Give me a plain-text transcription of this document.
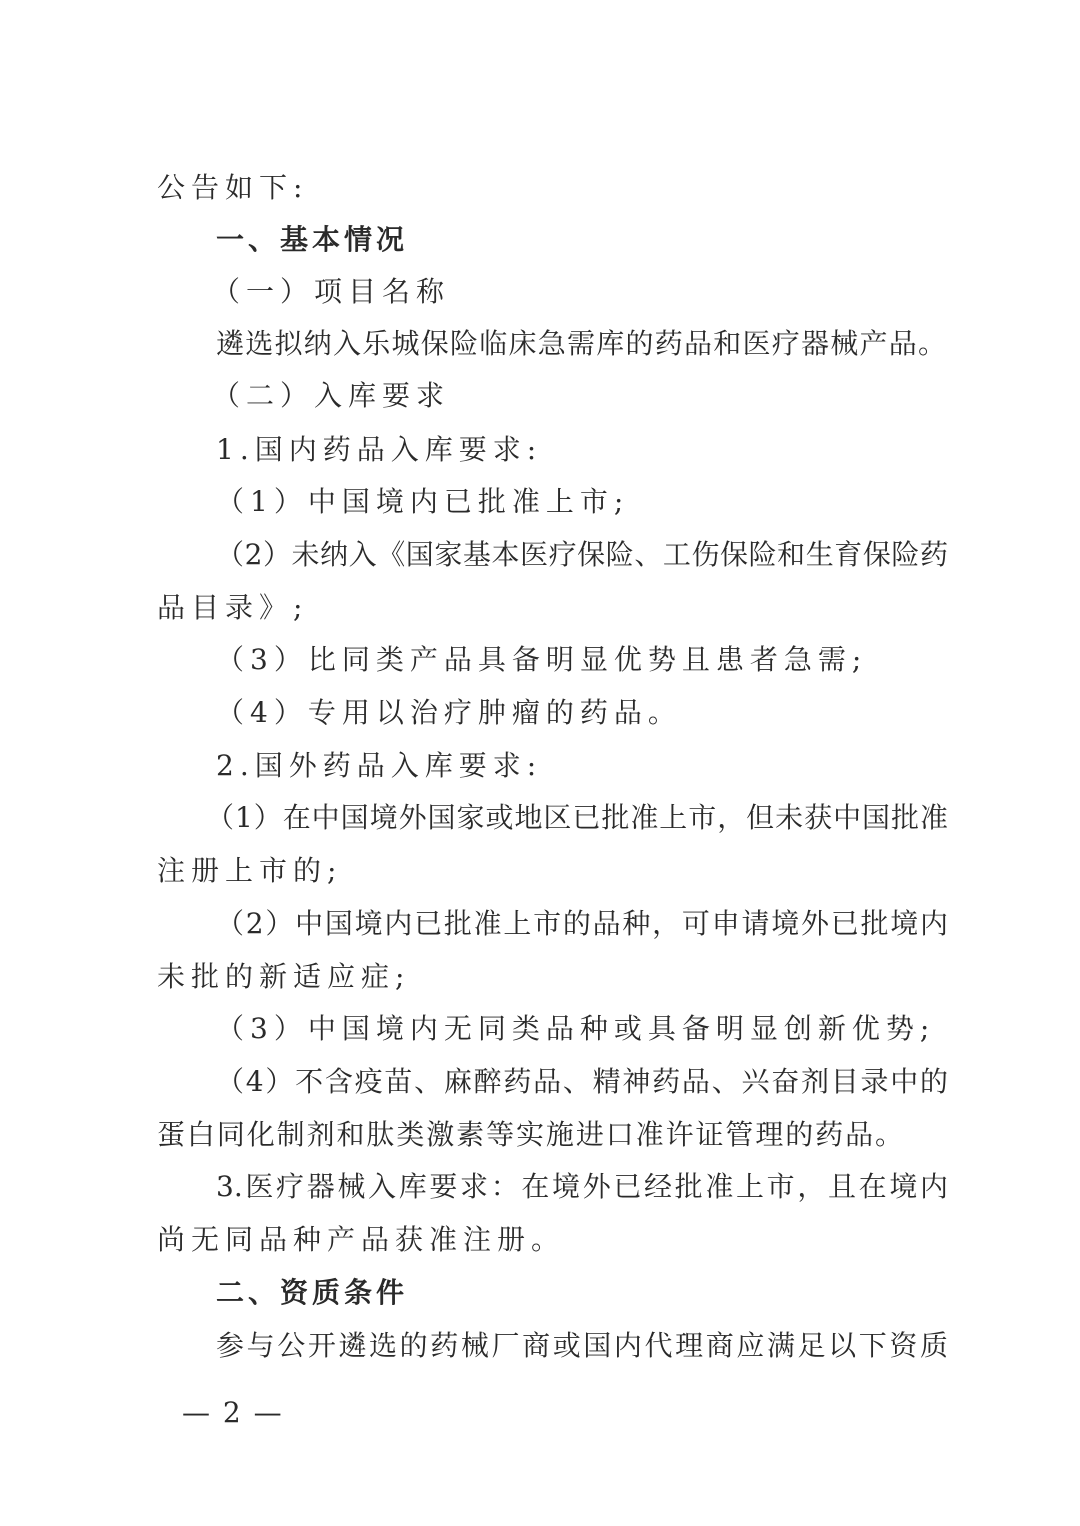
公告如下:
一、基本情况
（一）项目名称
遴选拟纳入乐城保险临床急需库的药品和医疗器械产品。
（二）入库要求
1.国内药品入库要求:
（1）中国境内已批准上市;
（2）未纳入《国家基本医疗保险、工伤保险和生育保险药
品目录》;
（3）比同类产品具备明显优势且患者急需;
（4）专用以治疗肿瘤的药品。
2.国外药品入库要求:
（1）在中国境外国家或地区已批准上市，但未获中国批准
注册上市的;
（2）中国境内已批准上市的品种，可申请境外已批境内
未批的新适应症;
（3）中国境内无同类品种或具备明显创新优势;
（4）不含疫苗、麻醉药品、精神药品、兴奋剂目录中的
蛋白同化制剂和肽类激素等实施进口准许证管理的药品。
3.医疗器械入库要求：在境外已经批准上市，且在境内
尚无同品种产品获准注册。
二、资质条件
参与公开遴选的药械厂商或国内代理商应满足以下资质
— 2 —
